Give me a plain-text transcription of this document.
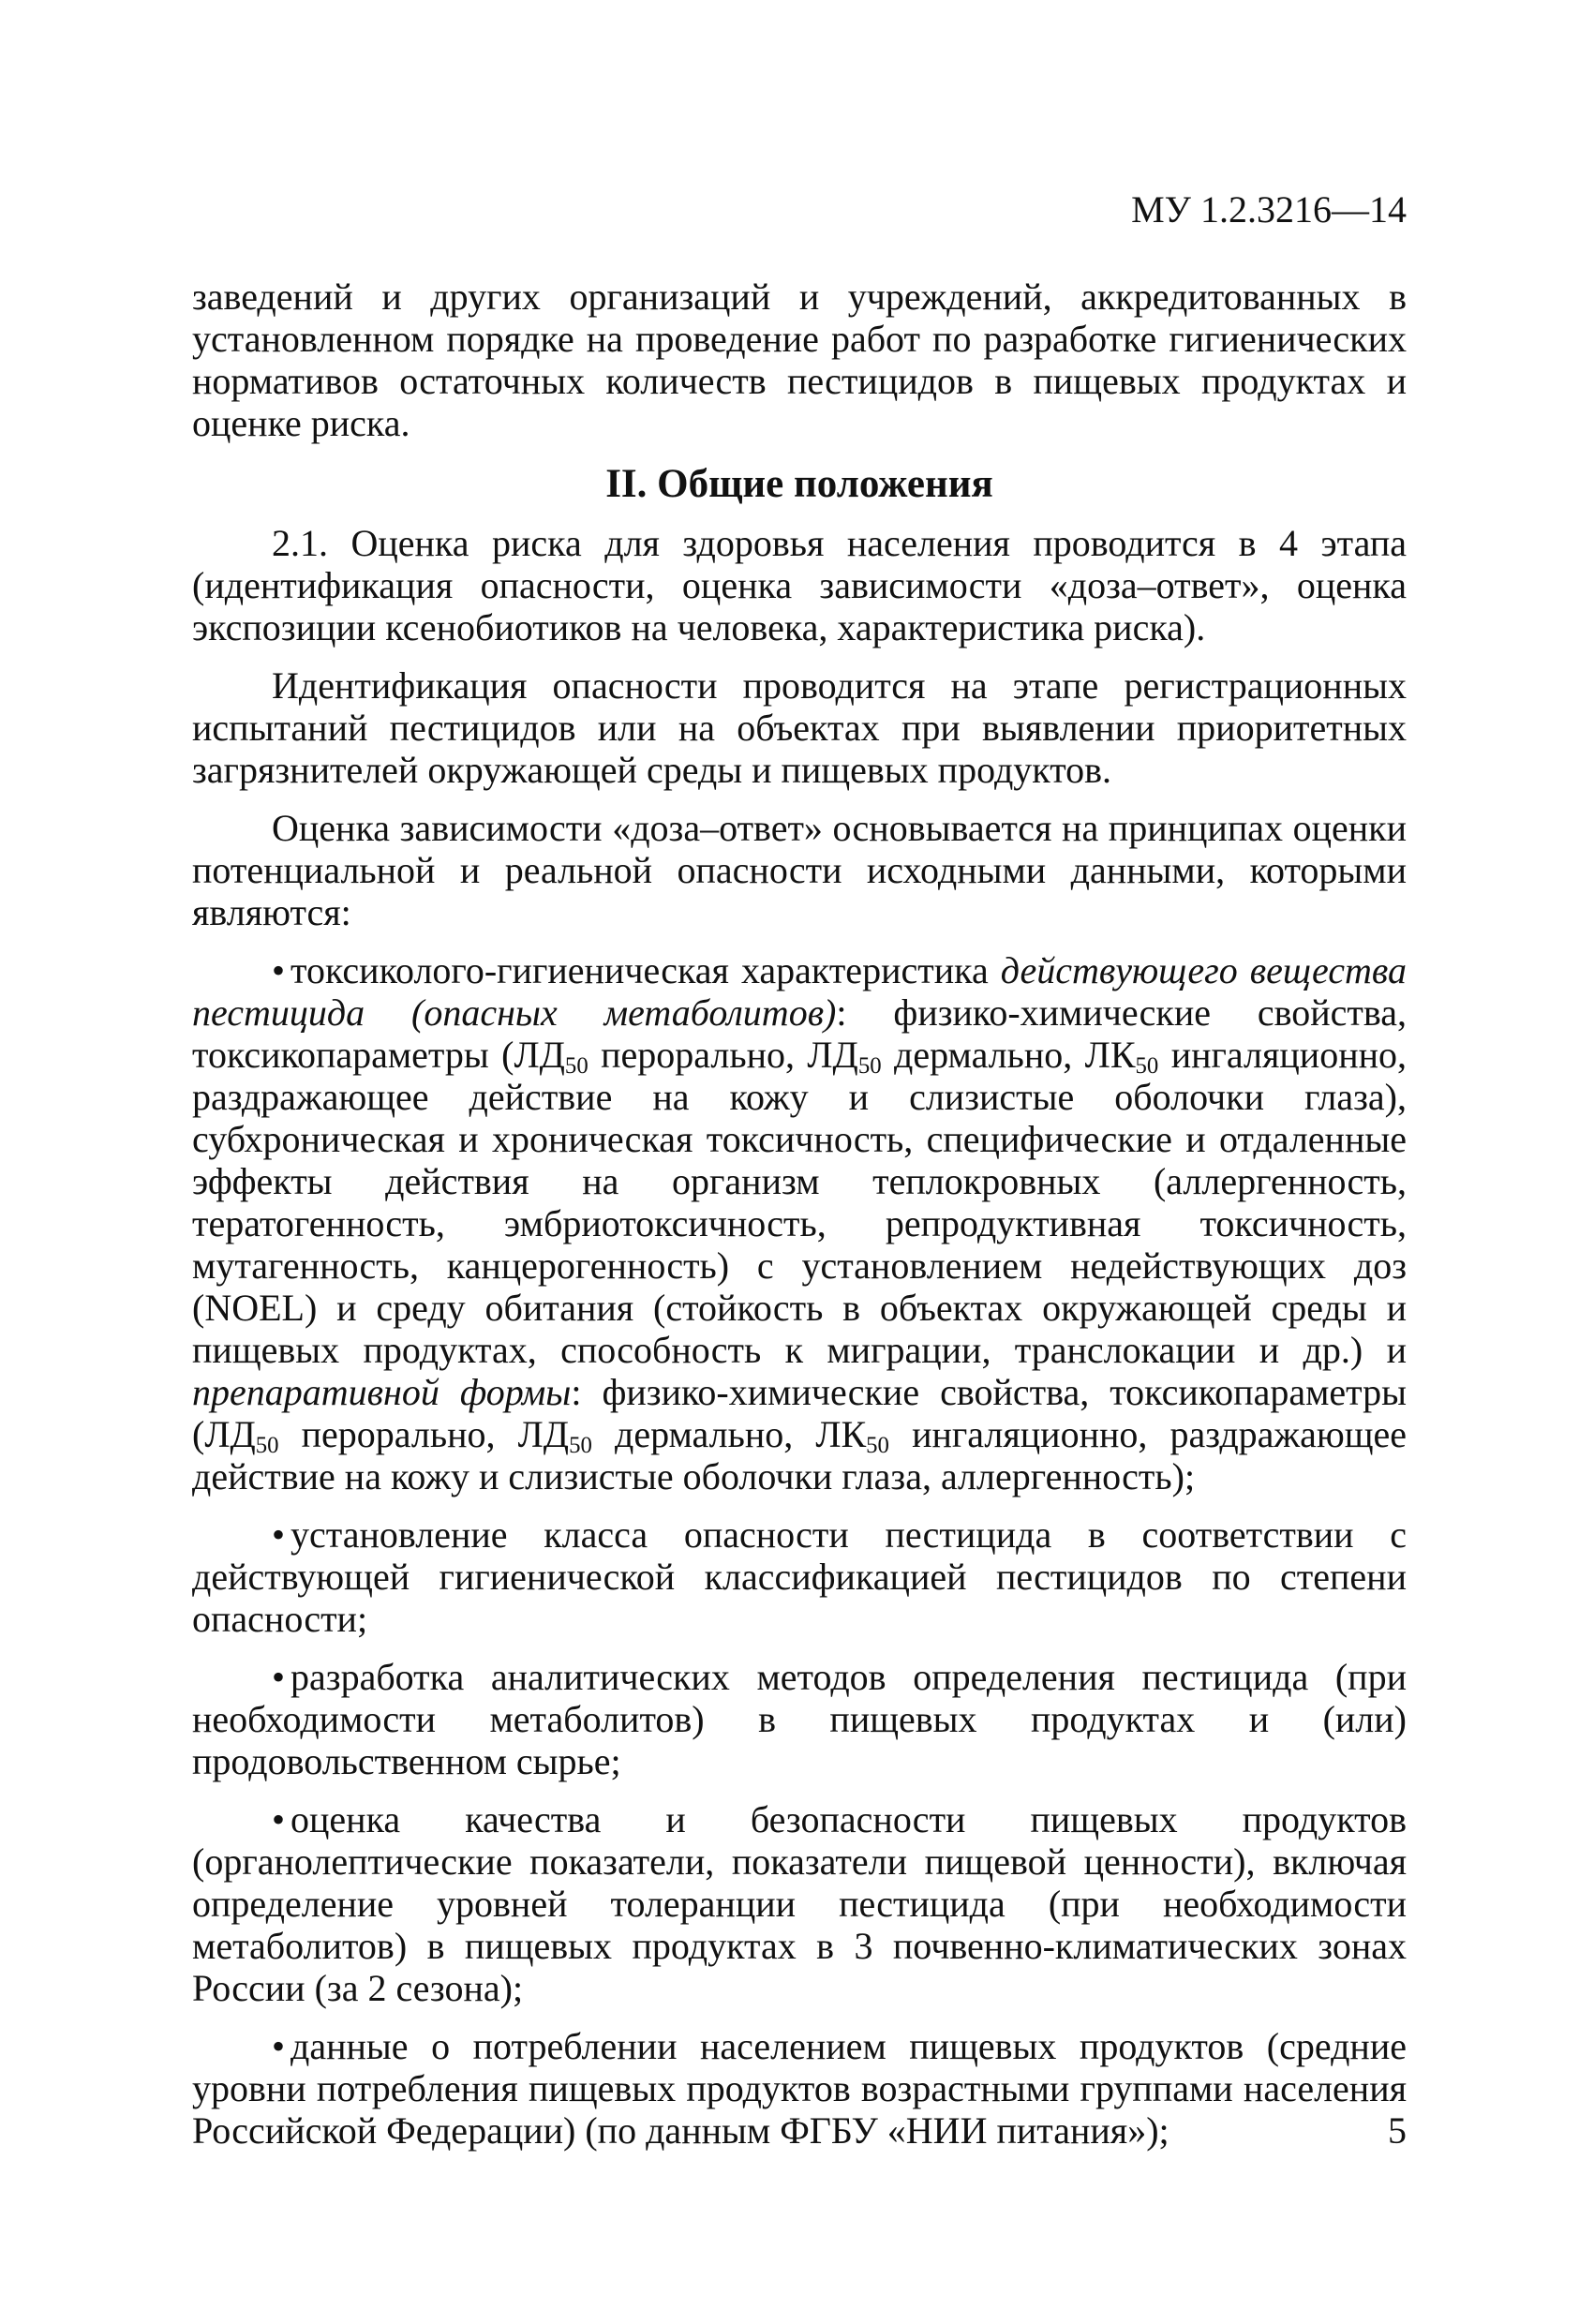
МУ 1.2.3216—14

заведений и других организаций и учреждений, аккредитованных в установленном порядке на проведение работ по разработке гигиенических нормативов остаточных количеств пестицидов в пищевых продуктах и оценке риска.

II. Общие положения

2.1. Оценка риска для здоровья населения проводится в 4 этапа (идентификация опасности, оценка зависимости «доза–ответ», оценка экспозиции ксенобиотиков на человека, характеристика риска).

Идентификация опасности проводится на этапе регистрационных испытаний пестицидов или на объектах при выявлении приоритетных загрязнителей окружающей среды и пищевых продуктов.

Оценка зависимости «доза–ответ» основывается на принципах оценки потенциальной и реальной опасности исходными данными, которыми являются:

• токсиколого-гигиеническая характеристика действующего вещества пестицида (опасных метаболитов): физико-химические свойства, токсикопараметры ($ЛД_{50}$ перорально, $ЛД_{50}$ дермально, $ЛК_{50}$ ингаляционно, раздражающее действие на кожу и слизистые оболочки глаза), субхроническая и хроническая токсичность, специфические и отдаленные эффекты действия на организм теплокровных (аллергенность, тератогенность, эмбриотоксичность, репродуктивная токсичность, мутагенность, канцерогенность) с установлением недействующих доз (NOEL) и среду обитания (стойкость в объектах окружающей среды и пищевых продуктах, способность к миграции, транслокации и др.) и препаративной формы: физико-химические свойства, токсикопараметры ($ЛД_{50}$ перорально, $ЛД_{50}$ дермально, $ЛК_{50}$ ингаляционно, раздражающее действие на кожу и слизистые оболочки глаза, аллергенность);

• установление класса опасности пестицида в соответствии с действующей гигиенической классификацией пестицидов по степени опасности;

• разработка аналитических методов определения пестицида (при необходимости метаболитов) в пищевых продуктах и (или) продовольственном сырье;

• оценка качества и безопасности пищевых продуктов (органолептические показатели, показатели пищевой ценности), включая определение уровней толеранции пестицида (при необходимости метаболитов) в пищевых продуктах в 3 почвенно-климатических зонах России (за 2 сезона);

• данные о потреблении населением пищевых продуктов (средние уровни потребления пищевых продуктов возрастными группами населения Российской Федерации) (по данным ФГБУ «НИИ питания»);	5
